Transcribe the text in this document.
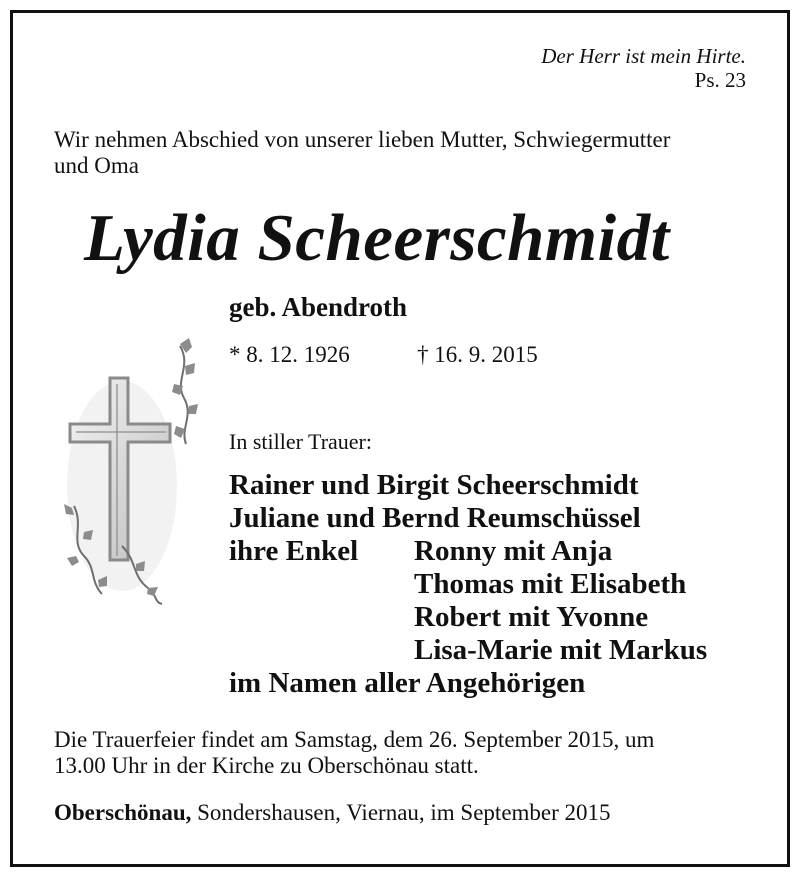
Der Herr ist mein Hirte.
Ps. 23
Wir nehmen Abschied von unserer lieben Mutter, Schwiegermutter
und Oma
Lydia Scheerschmidt
geb. Abendroth
* 8. 12. 1926	† 16. 9. 2015
In stiller Trauer:
Rainer und Birgit Scheerschmidt
Juliane und Bernd Reumschüssel
ihre Enkel Ronny mit Anja
Thomas mit Elisabeth
Robert mit Yvonne
Lisa-Marie mit Markus
im Namen aller Angehörigen
Die Trauerfeier findet am Samstag, dem 26. September 2015, um
13.00 Uhr in der Kirche zu Oberschönau statt.
Oberschönau, Sondershausen, Viernau, im September 2015
